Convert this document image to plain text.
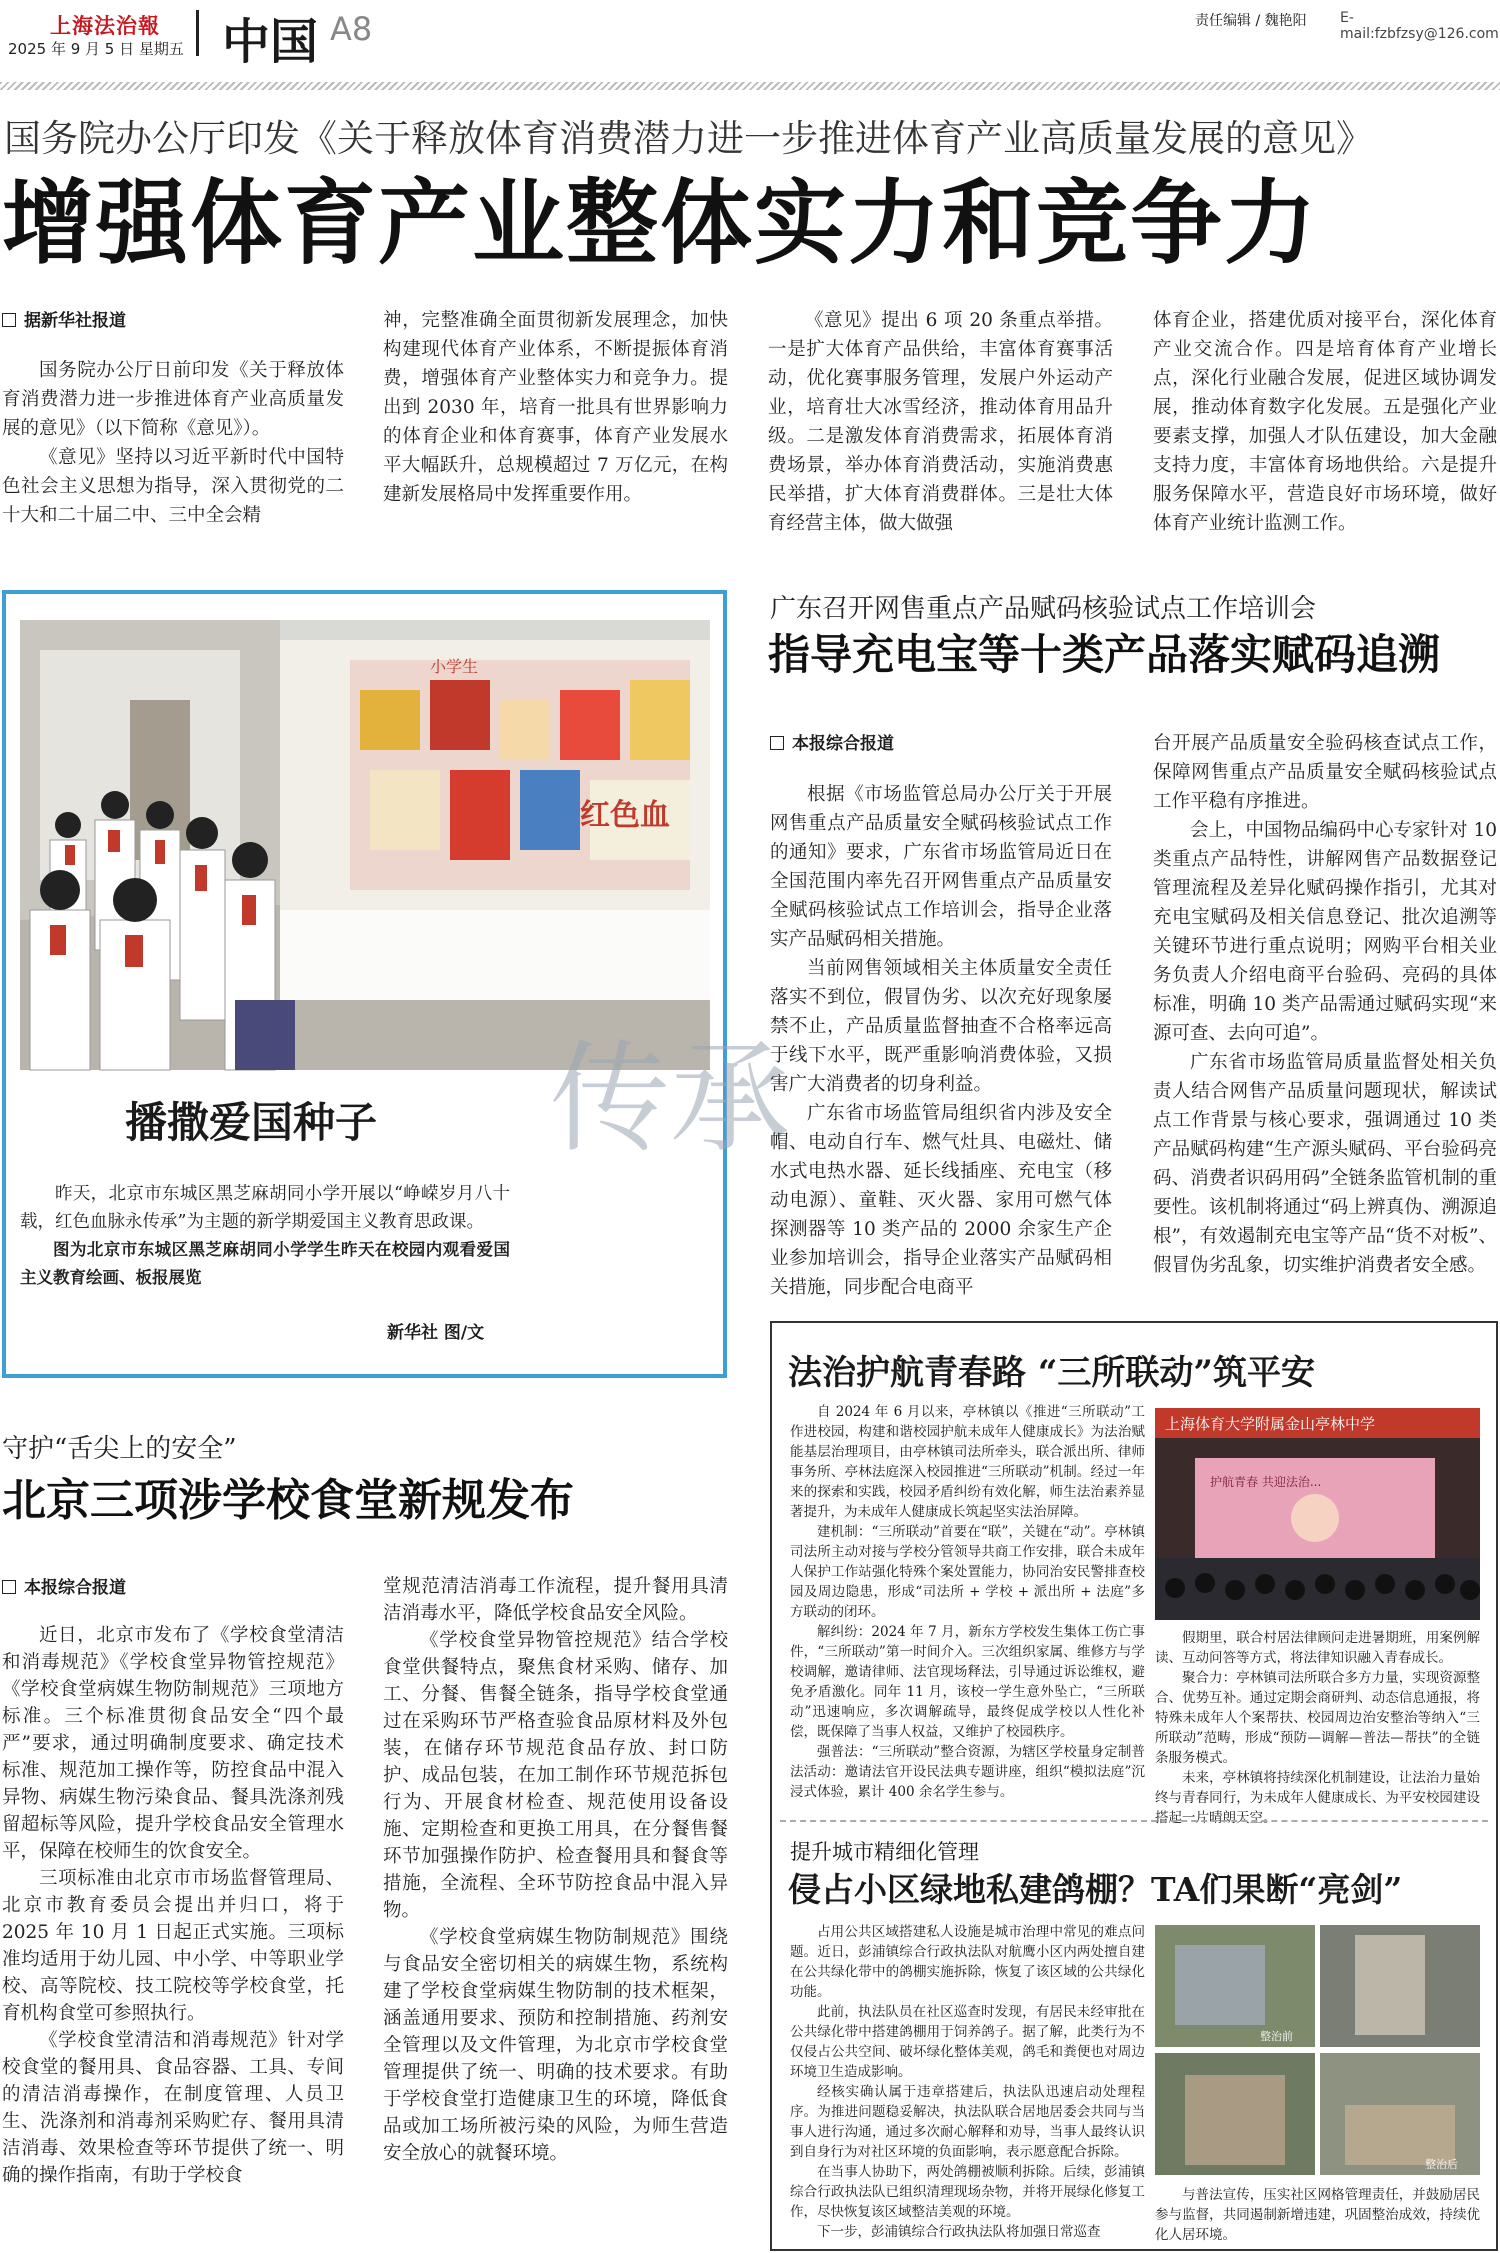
上海法治報
2025 年 9 月 5 日 星期五 中国 A8	责任编辑 / 魏艳阳 E-mail:fzbfzsy@126.com
国务院办公厅印发《关于释放体育消费潜力进一步推进体育产业高质量发展的意见》
增强体育产业整体实力和竞争力
据新华社报道

国务院办公厅日前印发《关于释放体育消费潜力进一步推进体育产业高质量发展的意见》（以下简称《意见》）。

《意见》坚持以习近平新时代中国特色社会主义思想为指导，深入贯彻党的二十大和二十届二中、三中全会精

神，完整准确全面贯彻新发展理念，加快构建现代体育产业体系，不断提振体育消费，增强体育产业整体实力和竞争力。提出到 2030 年，培育一批具有世界影响力的体育企业和体育赛事，体育产业发展水平大幅跃升，总规模超过 7 万亿元，在构建新发展格局中发挥重要作用。

《意见》提出 6 项 20 条重点举措。一是扩大体育产品供给，丰富体育赛事活动，优化赛事服务管理，发展户外运动产业，培育壮大冰雪经济，推动体育用品升级。二是激发体育消费需求，拓展体育消费场景，举办体育消费活动，实施消费惠民举措，扩大体育消费群体。三是壮大体育经营主体，做大做强

体育企业，搭建优质对接平台，深化体育产业交流合作。四是培育体育产业增长点，深化行业融合发展，促进区域协调发展，推动体育数字化发展。五是强化产业要素支撑，加强人才队伍建设，加大金融支持力度，丰富体育场地供给。六是提升服务保障水平，营造良好市场环境，做好体育产业统计监测工作。

红色血
小学生
播撒爱国种子 传承

昨天，北京市东城区黑芝麻胡同小学开展以“峥嵘岁月八十载，红色血脉永传承”为主题的新学期爱国主义教育思政课。

图为北京市东城区黑芝麻胡同小学学生昨天在校园内观看爱国主义教育绘画、板报展览

新华社 图/文
广东召开网售重点产品赋码核验试点工作培训会
指导充电宝等十类产品落实赋码追溯
本报综合报道

根据《市场监管总局办公厅关于开展网售重点产品质量安全赋码核验试点工作的通知》要求，广东省市场监管局近日在全国范围内率先召开网售重点产品质量安全赋码核验试点工作培训会，指导企业落实产品赋码相关措施。

当前网售领域相关主体质量安全责任落实不到位，假冒伪劣、以次充好现象屡禁不止，产品质量监督抽查不合格率远高于线下水平，既严重影响消费体验，又损害广大消费者的切身利益。

广东省市场监管局组织省内涉及安全帽、电动自行车、燃气灶具、电磁灶、储水式电热水器、延长线插座、充电宝（移动电源）、童鞋、灭火器、家用可燃气体探测器等 10 类产品的 2000 余家生产企业参加培训会，指导企业落实产品赋码相关措施，同步配合电商平

台开展产品质量安全验码核查试点工作，保障网售重点产品质量安全赋码核验试点工作平稳有序推进。

会上，中国物品编码中心专家针对 10 类重点产品特性，讲解网售产品数据登记管理流程及差异化赋码操作指引，尤其对充电宝赋码及相关信息登记、批次追溯等关键环节进行重点说明；网购平台相关业务负责人介绍电商平台验码、亮码的具体标准，明确 10 类产品需通过赋码实现“来源可查、去向可追”。

广东省市场监管局质量监督处相关负责人结合网售产品质量问题现状，解读试点工作背景与核心要求，强调通过 10 类产品赋码构建“生产源头赋码、平台验码亮码、消费者识码用码”全链条监管机制的重要性。该机制将通过“码上辨真伪、溯源追根”，有效遏制充电宝等产品“货不对板”、假冒伪劣乱象，切实维护消费者安全感。

守护“舌尖上的安全”
北京三项涉学校食堂新规发布
本报综合报道

近日，北京市发布了《学校食堂清洁和消毒规范》《学校食堂异物管控规范》《学校食堂病媒生物防制规范》三项地方标准。三个标准贯彻食品安全“四个最严”要求，通过明确制度要求、确定技术标准、规范加工操作等，防控食品中混入异物、病媒生物污染食品、餐具洗涤剂残留超标等风险，提升学校食品安全管理水平，保障在校师生的饮食安全。

三项标准由北京市市场监督管理局、北京市教育委员会提出并归口，将于 2025 年 10 月 1 日起正式实施。三项标准均适用于幼儿园、中小学、中等职业学校、高等院校、技工院校等学校食堂，托育机构食堂可参照执行。

《学校食堂清洁和消毒规范》针对学校食堂的餐用具、食品容器、工具、专间的清洁消毒操作，在制度管理、人员卫生、洗涤剂和消毒剂采购贮存、餐用具清洁消毒、效果检查等环节提供了统一、明确的操作指南，有助于学校食

堂规范清洁消毒工作流程，提升餐用具清洁消毒水平，降低学校食品安全风险。

《学校食堂异物管控规范》结合学校食堂供餐特点，聚焦食材采购、储存、加工、分餐、售餐全链条，指导学校食堂通过在采购环节严格查验食品原材料及外包装，在储存环节规范食品存放、封口防护、成品包装，在加工制作环节规范拆包行为、开展食材检查、规范使用设备设施、定期检查和更换工用具，在分餐售餐环节加强操作防护、检查餐用具和餐食等措施，全流程、全环节防控食品中混入异物。

《学校食堂病媒生物防制规范》围绕与食品安全密切相关的病媒生物，系统构建了学校食堂病媒生物防制的技术框架，涵盖通用要求、预防和控制措施、药剂安全管理以及文件管理，为北京市学校食堂管理提供了统一、明确的技术要求。有助于学校食堂打造健康卫生的环境，降低食品或加工场所被污染的风险，为师生营造安全放心的就餐环境。

法治护航青春路 “三所联动”筑平安

自 2024 年 6 月以来，亭林镇以《推进“三所联动”工作进校园，构建和谐校园护航未成年人健康成长》为法治赋能基层治理项目，由亭林镇司法所牵头，联合派出所、律师事务所、亭林法庭深入校园推进“三所联动”机制。经过一年来的探索和实践，校园矛盾纠纷有效化解，师生法治素养显著提升，为未成年人健康成长筑起坚实法治屏障。

建机制：“三所联动”首要在“联”，关键在“动”。亭林镇司法所主动对接与学校分管领导共商工作安排，联合未成年人保护工作站强化特殊个案处置能力，协同治安民警排查校园及周边隐患，形成“司法所 + 学校 + 派出所 + 法庭”多方联动的闭环。

解纠纷：2024 年 7 月，新东方学校发生集体工伤亡事件，“三所联动”第一时间介入。三次组织家属、维修方与学校调解，邀请律师、法官现场释法，引导通过诉讼维权，避免矛盾激化。同年 11 月，该校一学生意外坠亡，“三所联动”迅速响应，多次调解疏导，最终促成学校以人性化补偿，既保障了当事人权益，又维护了校园秩序。

强普法：“三所联动”整合资源，为辖区学校量身定制普法活动：邀请法官开设民法典专题讲座，组织“模拟法庭”沉浸式体验，累计 400 余名学生参与。

上海体育大学附属金山亭林中学
护航青春 共迎法治...

假期里，联合村居法律顾问走进暑期班，用案例解读、互动问答等方式，将法律知识融入青春成长。

聚合力：亭林镇司法所联合多方力量，实现资源整合、优势互补。通过定期会商研判、动态信息通报，将特殊未成年人个案帮扶、校园周边治安整治等纳入“三所联动”范畴，形成“预防—调解—普法—帮扶”的全链条服务模式。

未来，亭林镇将持续深化机制建设，让法治力量始终与青春同行，为未成年人健康成长、为平安校园建设搭起一片晴朗天空。

提升城市精细化管理
侵占小区绿地私建鸽棚？TA们果断“亮剑”

占用公共区域搭建私人设施是城市治理中常见的难点问题。近日，彭浦镇综合行政执法队对航鹰小区内两处擅自建在公共绿化带中的鸽棚实施拆除，恢复了该区域的公共绿化功能。

此前，执法队员在社区巡查时发现，有居民未经审批在公共绿化带中搭建鸽棚用于饲养鸽子。据了解，此类行为不仅侵占公共空间、破坏绿化整体美观，鸽毛和粪便也对周边环境卫生造成影响。

经核实确认属于违章搭建后，执法队迅速启动处理程序。为推进问题稳妥解决，执法队联合居地居委会共同与当事人进行沟通，通过多次耐心解释和劝导，当事人最终认识到自身行为对社区环境的负面影响，表示愿意配合拆除。

在当事人协助下，两处鸽棚被顺利拆除。后续，彭浦镇综合行政执法队已组织清理现场杂物，并将开展绿化修复工作，尽快恢复该区域整洁美观的环境。

下一步，彭浦镇综合行政执法队将加强日常巡查

整治前
整治后

与普法宣传，压实社区网格管理责任，并鼓励居民参与监督，共同遏制新增违建，巩固整治成效，持续优化人居环境。
